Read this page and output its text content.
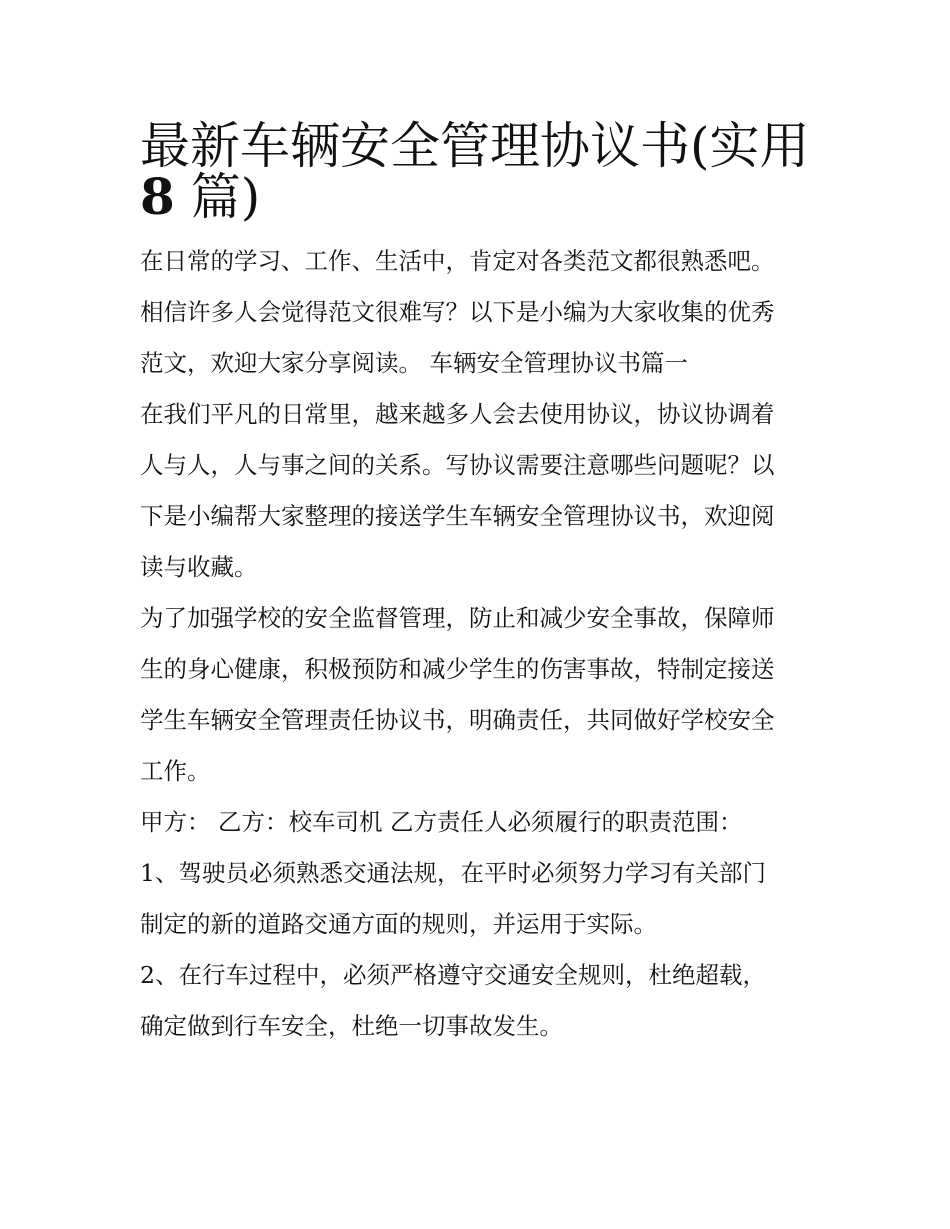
最新车辆安全管理协议书(实用
8 篇)

在日常的学习、工作、生活中，肯定对各类范文都很熟悉吧。
相信许多人会觉得范文很难写？以下是小编为大家收集的优秀
范文，欢迎大家分享阅读。 车辆安全管理协议书篇一

在我们平凡的日常里，越来越多人会去使用协议，协议协调着
人与人，人与事之间的关系。写协议需要注意哪些问题呢？以
下是小编帮大家整理的接送学生车辆安全管理协议书，欢迎阅
读与收藏。

为了加强学校的安全监督管理，防止和减少安全事故，保障师
生的身心健康，积极预防和减少学生的伤害事故，特制定接送
学生车辆安全管理责任协议书，明确责任，共同做好学校安全
工作。

甲方： 乙方：校车司机 乙方责任人必须履行的职责范围：

1、驾驶员必须熟悉交通法规，在平时必须努力学习有关部门
制定的新的道路交通方面的规则，并运用于实际。

2、在行车过程中，必须严格遵守交通安全规则，杜绝超载，
确定做到行车安全，杜绝一切事故发生。
